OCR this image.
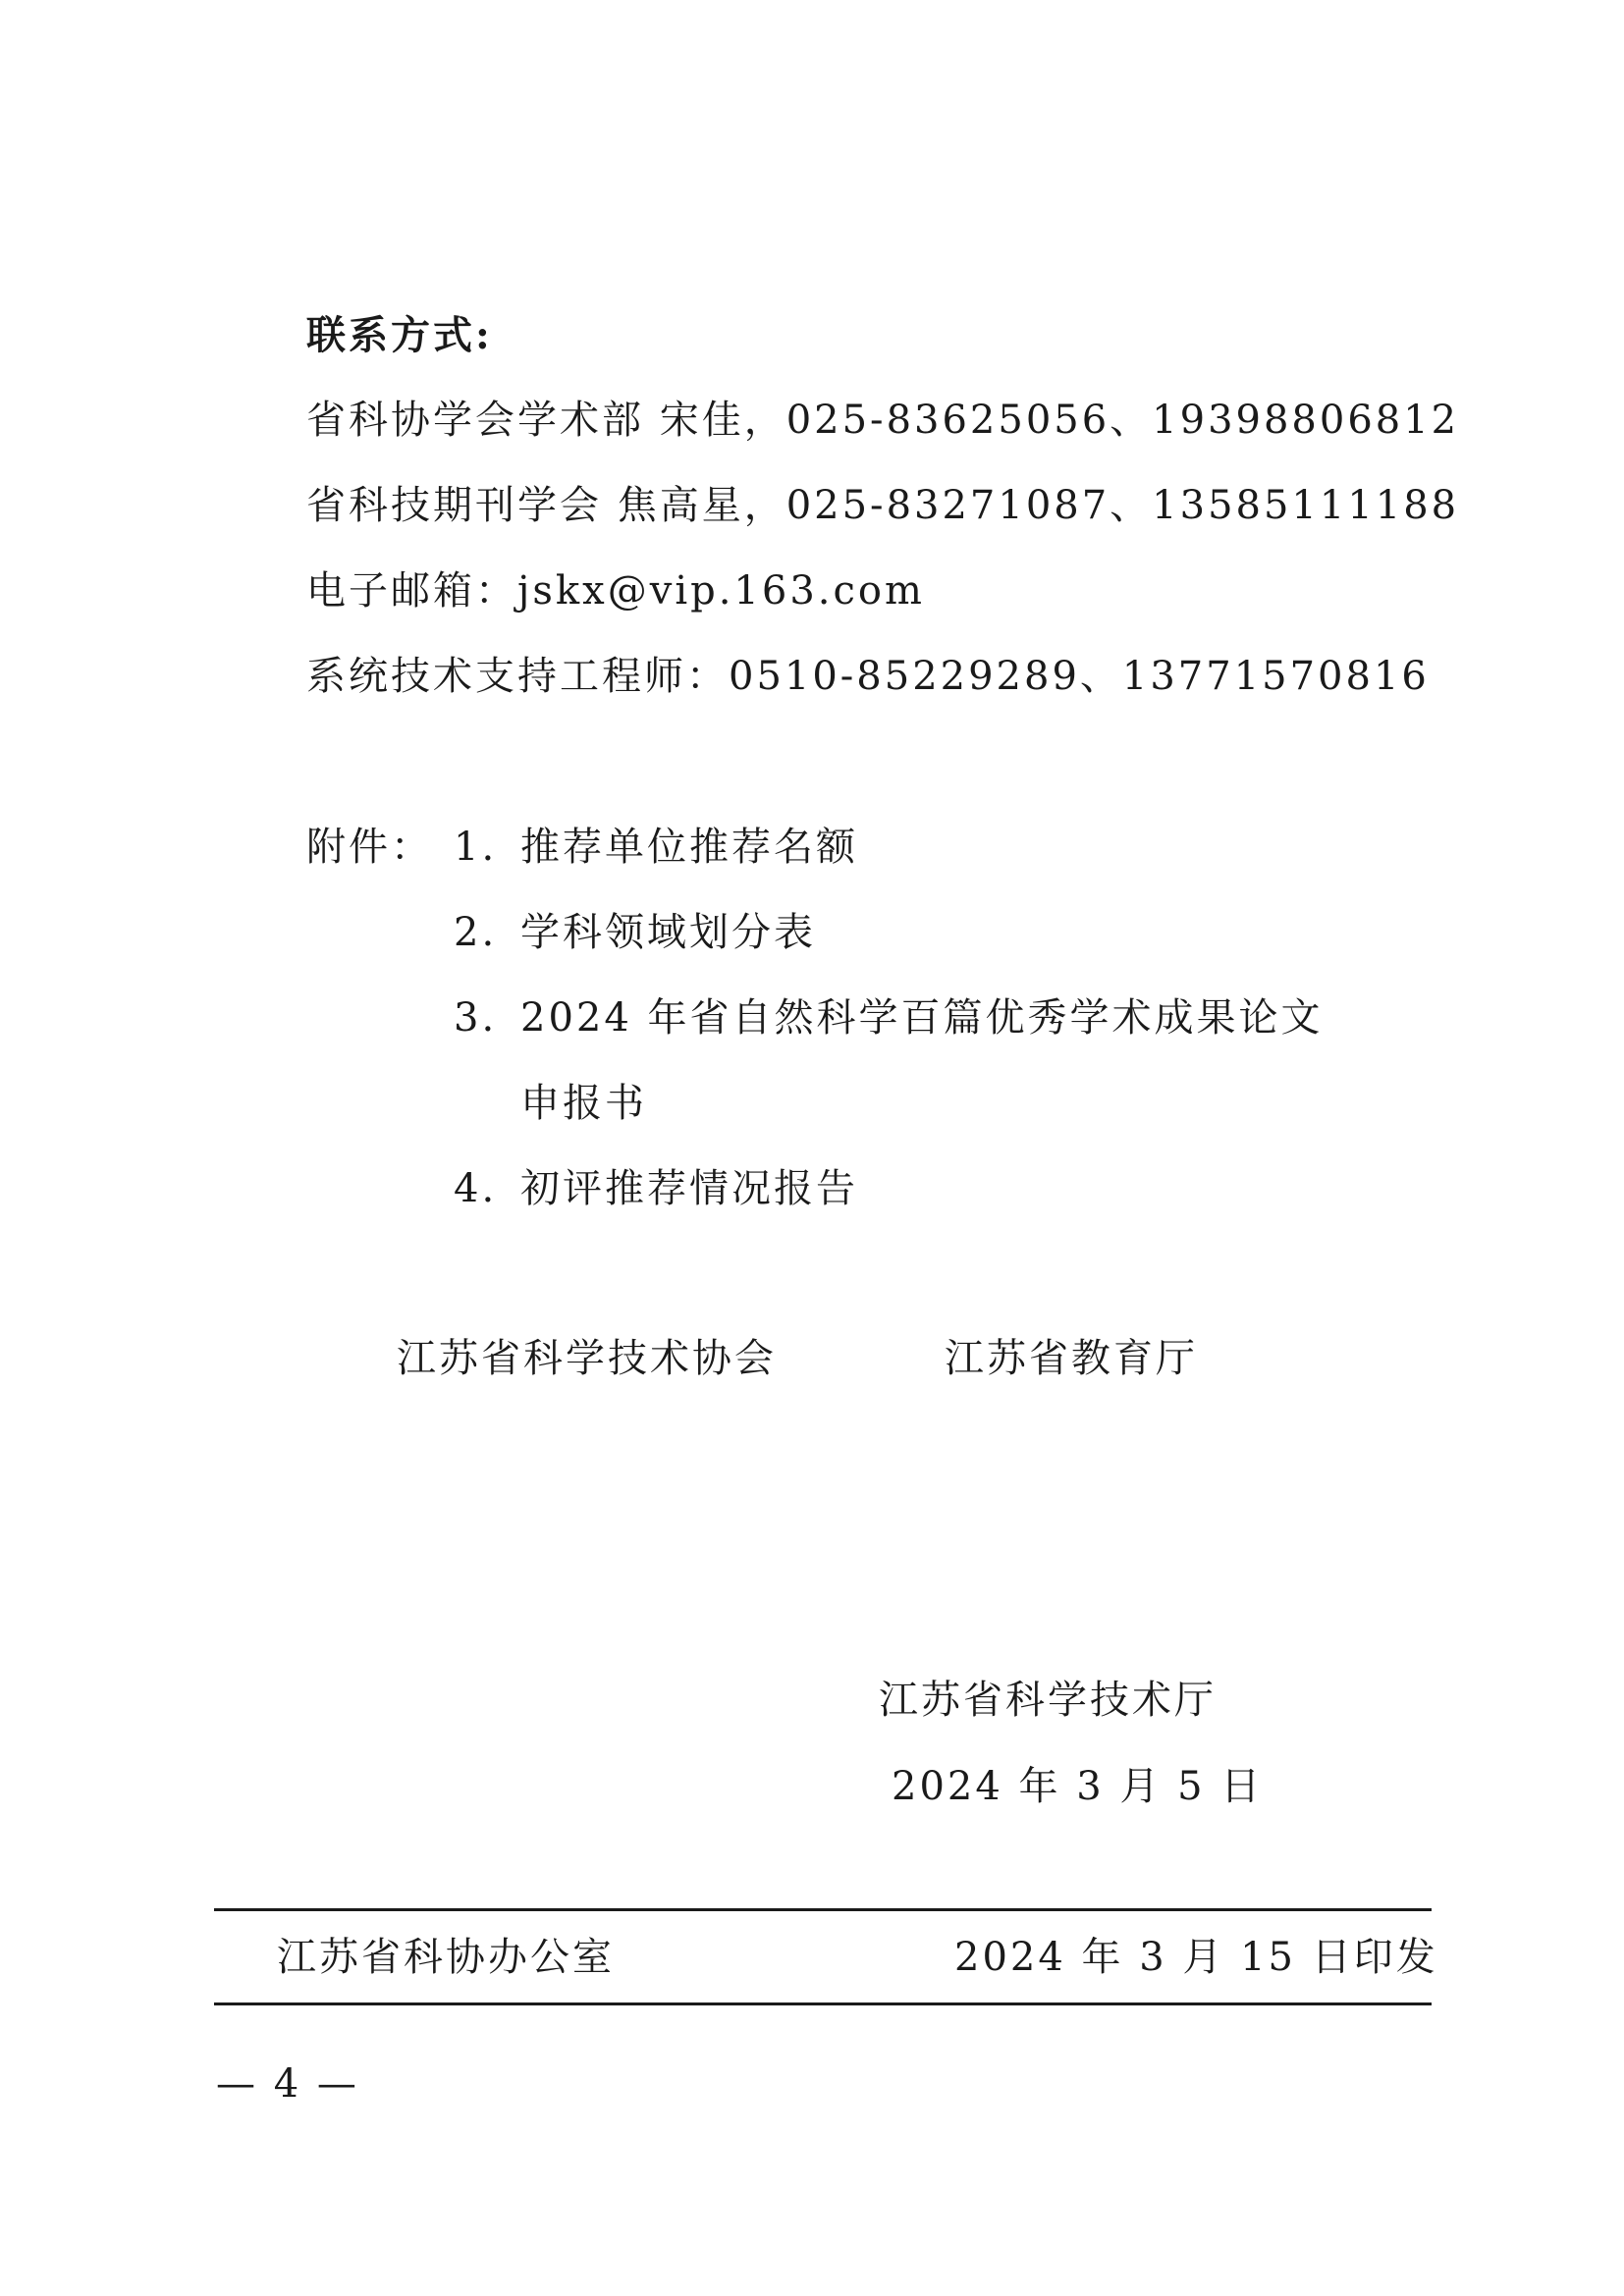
联系方式:
省科协学会学术部 宋佳，025-83625056、19398806812
省科技期刊学会 焦高星，025-83271087、13585111188
电子邮箱：jskx@vip.163.com
系统技术支持工程师：0510-85229289、13771570816
附件： 1. 推荐单位推荐名额
2. 学科领域划分表
3. 2024 年省自然科学百篇优秀学术成果论文
申报书
4. 初评推荐情况报告
江苏省科学技术协会	江苏省教育厅
江苏省科学技术厅
2024 年 3 月 5 日
江苏省科协办公室	2024 年 3 月 15 日印发
— 4 —
